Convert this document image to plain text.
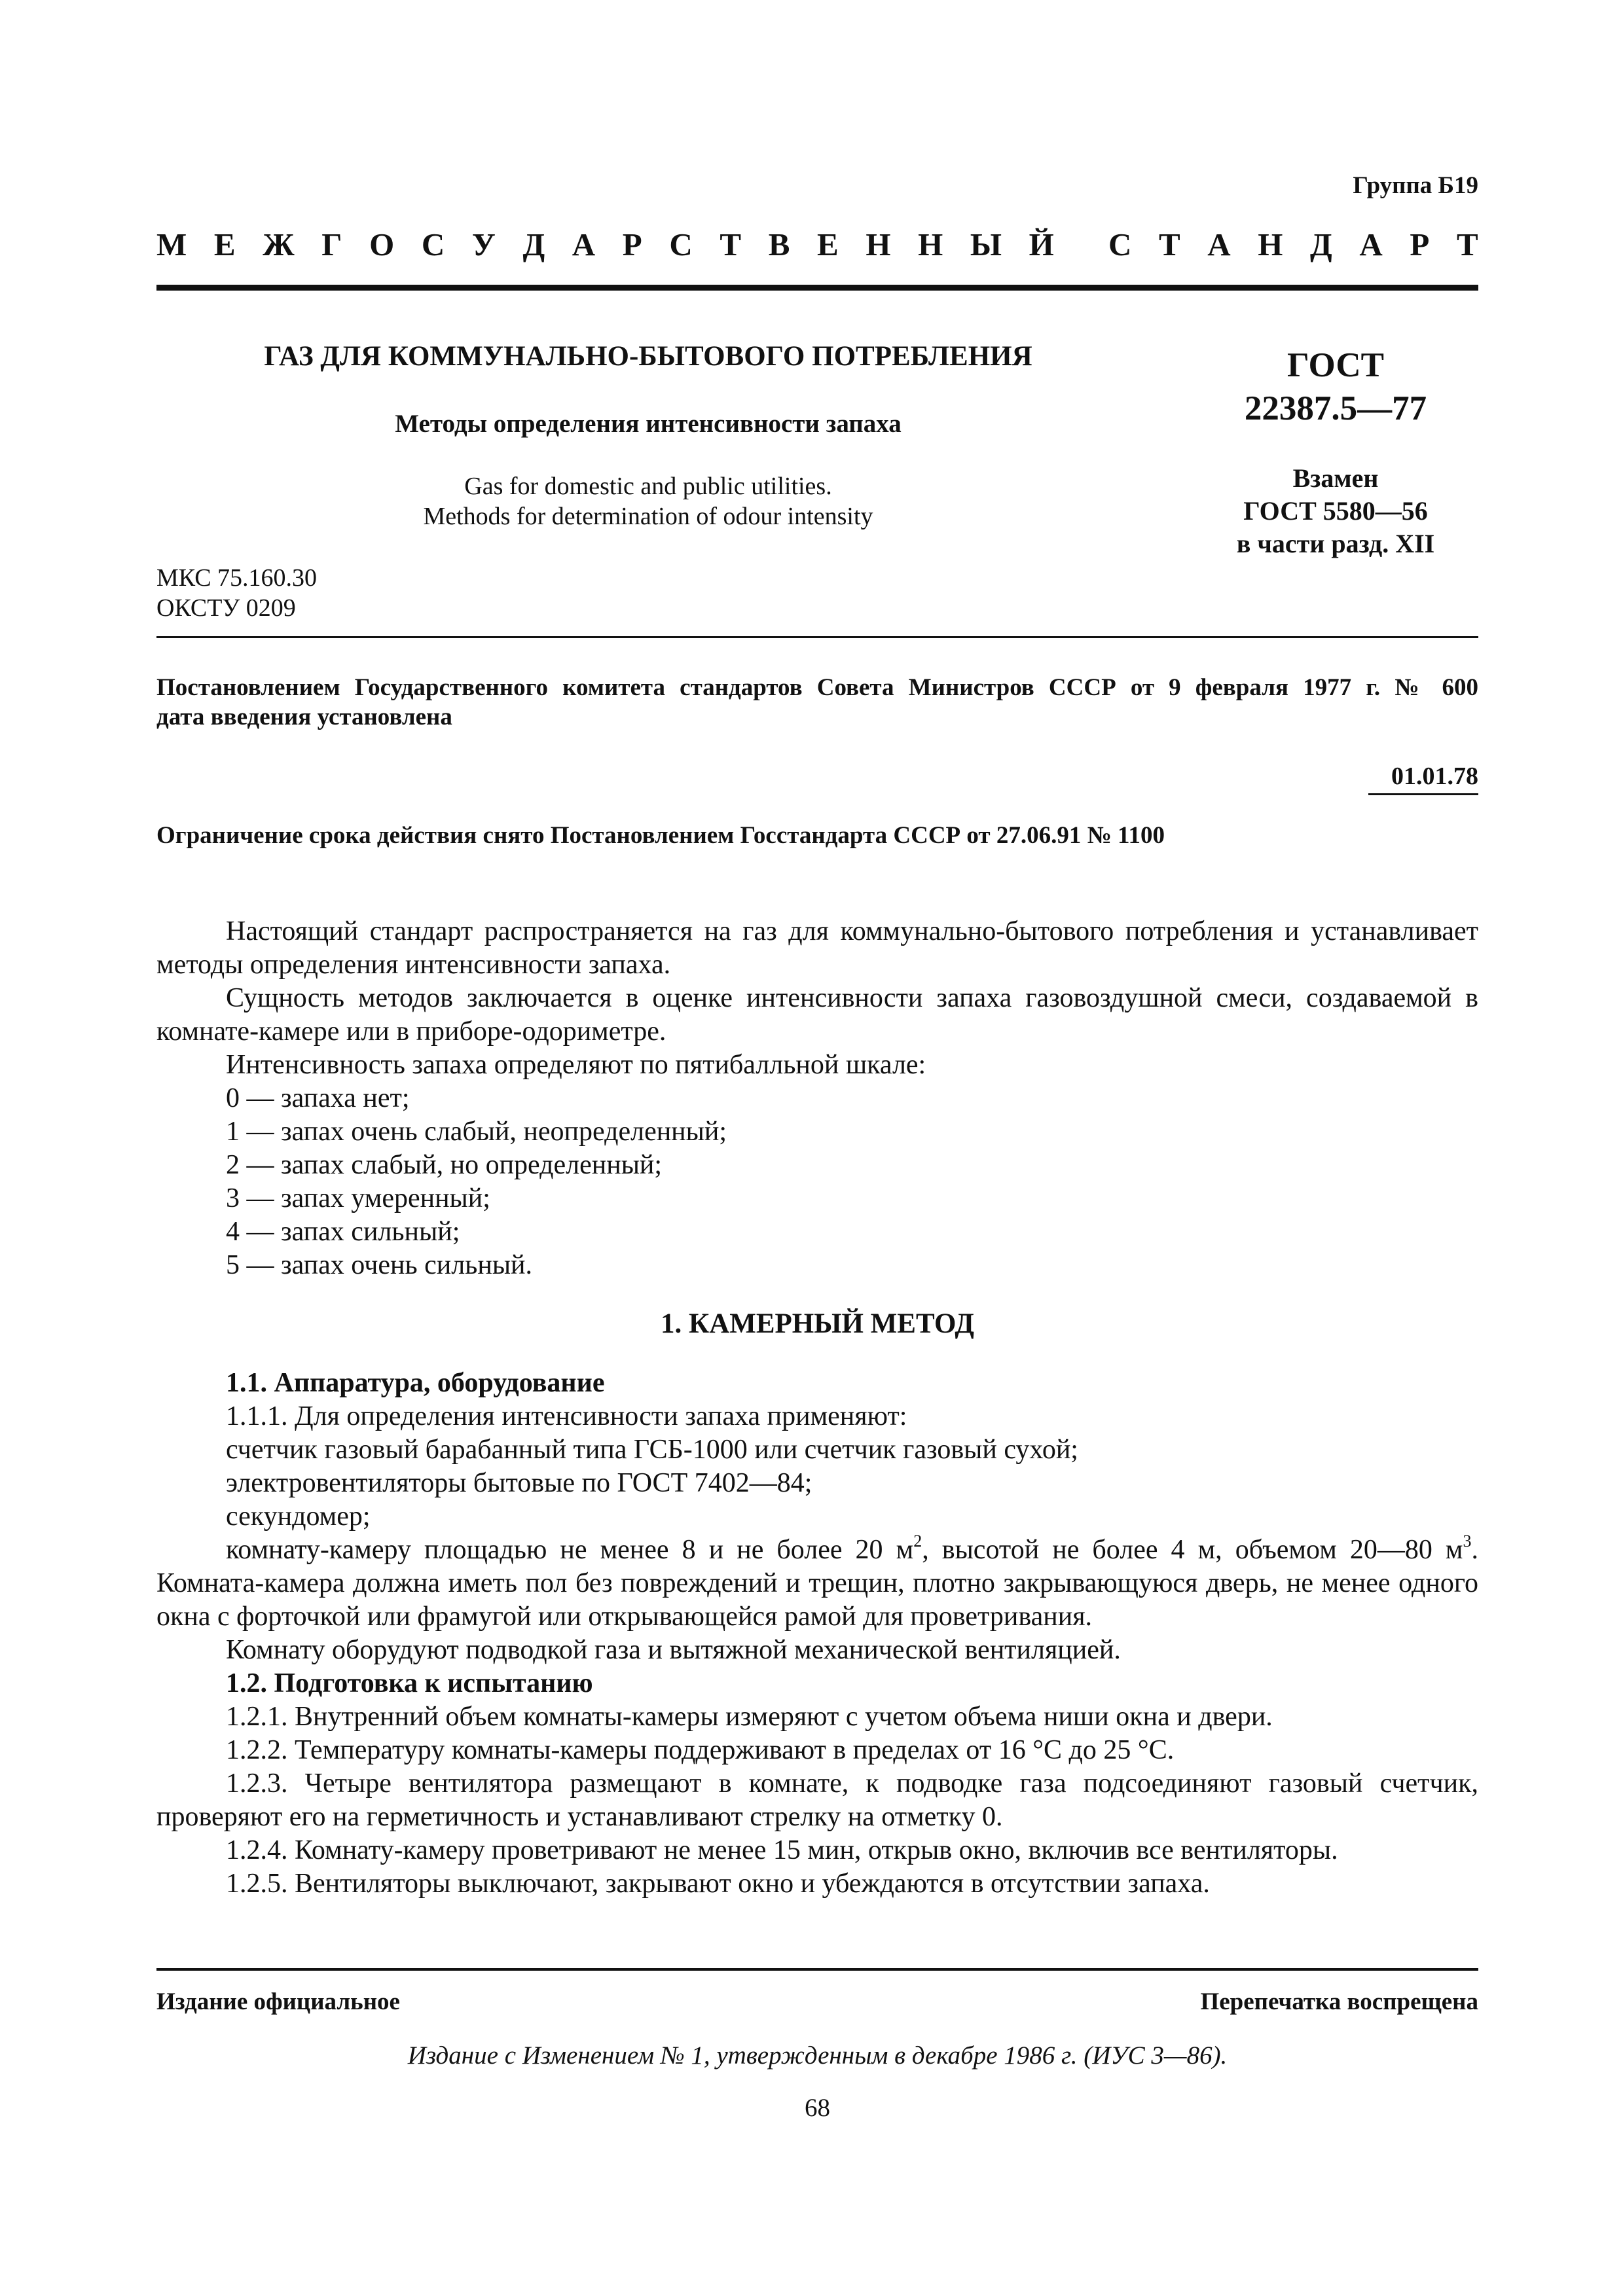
Группа Б19
М Е Ж Г О С У Д А Р С Т В Е Н Н Ы Й С Т А Н Д А Р Т
ГАЗ ДЛЯ КОММУНАЛЬНО-БЫТОВОГО ПОТРЕБЛЕНИЯ
Методы определения интенсивности запаха
Gas for domestic and public utilities.
Methods for determination of odour intensity
ГОСТ
22387.5—77
Взамен
ГОСТ 5580—56
в части разд. XII
МКС 75.160.30
ОКСТУ 0209
Постановлением Государственного комитета стандартов Совета Министров СССР от 9 февраля 1977 г. № 600
дата введения установлена
01.01.78
Ограничение срока действия снято Постановлением Госстандарта СССР от 27.06.91 № 1100

Настоящий стандарт распространяется на газ для коммунально-бытового потребления и устанавливает методы определения интенсивности запаха.

Сущность методов заключается в оценке интенсивности запаха газовоздушной смеси, создаваемой в комнате-камере или в приборе-одориметре.

Интенсивность запаха определяют по пятибалльной шкале:

0 — запаха нет;

1 — запах очень слабый, неопределенный;

2 — запах слабый, но определенный;

3 — запах умеренный;

4 — запах сильный;

5 — запах очень сильный.

1. КАМЕРНЫЙ МЕТОД

1.1. Аппаратура, оборудование

1.1.1. Для определения интенсивности запаха применяют:

счетчик газовый барабанный типа ГСБ-1000 или счетчик газовый сухой;

электровентиляторы бытовые по ГОСТ 7402—84;

секундомер;

комнату-камеру площадью не менее 8 и не более 20 $м^2$, высотой не более 4 м, объемом 20—80 $м^3$. Комната-камера должна иметь пол без повреждений и трещин, плотно закрывающуюся дверь, не менее одного окна с форточкой или фрамугой или открывающейся рамой для проветривания.

Комнату оборудуют подводкой газа и вытяжной механической вентиляцией.

1.2. Подготовка к испытанию

1.2.1. Внутренний объем комнаты-камеры измеряют с учетом объема ниши окна и двери.

1.2.2. Температуру комнаты-камеры поддерживают в пределах от 16 °С до 25 °С.

1.2.3. Четыре вентилятора размещают в комнате, к подводке газа подсоединяют газовый счетчик, проверяют его на герметичность и устанавливают стрелку на отметку 0.

1.2.4. Комнату-камеру проветривают не менее 15 мин, открыв окно, включив все вентиляторы.

1.2.5. Вентиляторы выключают, закрывают окно и убеждаются в отсутствии запаха.

Издание официальное	Перепечатка воспрещена
Издание с Изменением № 1, утвержденным в декабре 1986 г. (ИУС 3—86).
68
